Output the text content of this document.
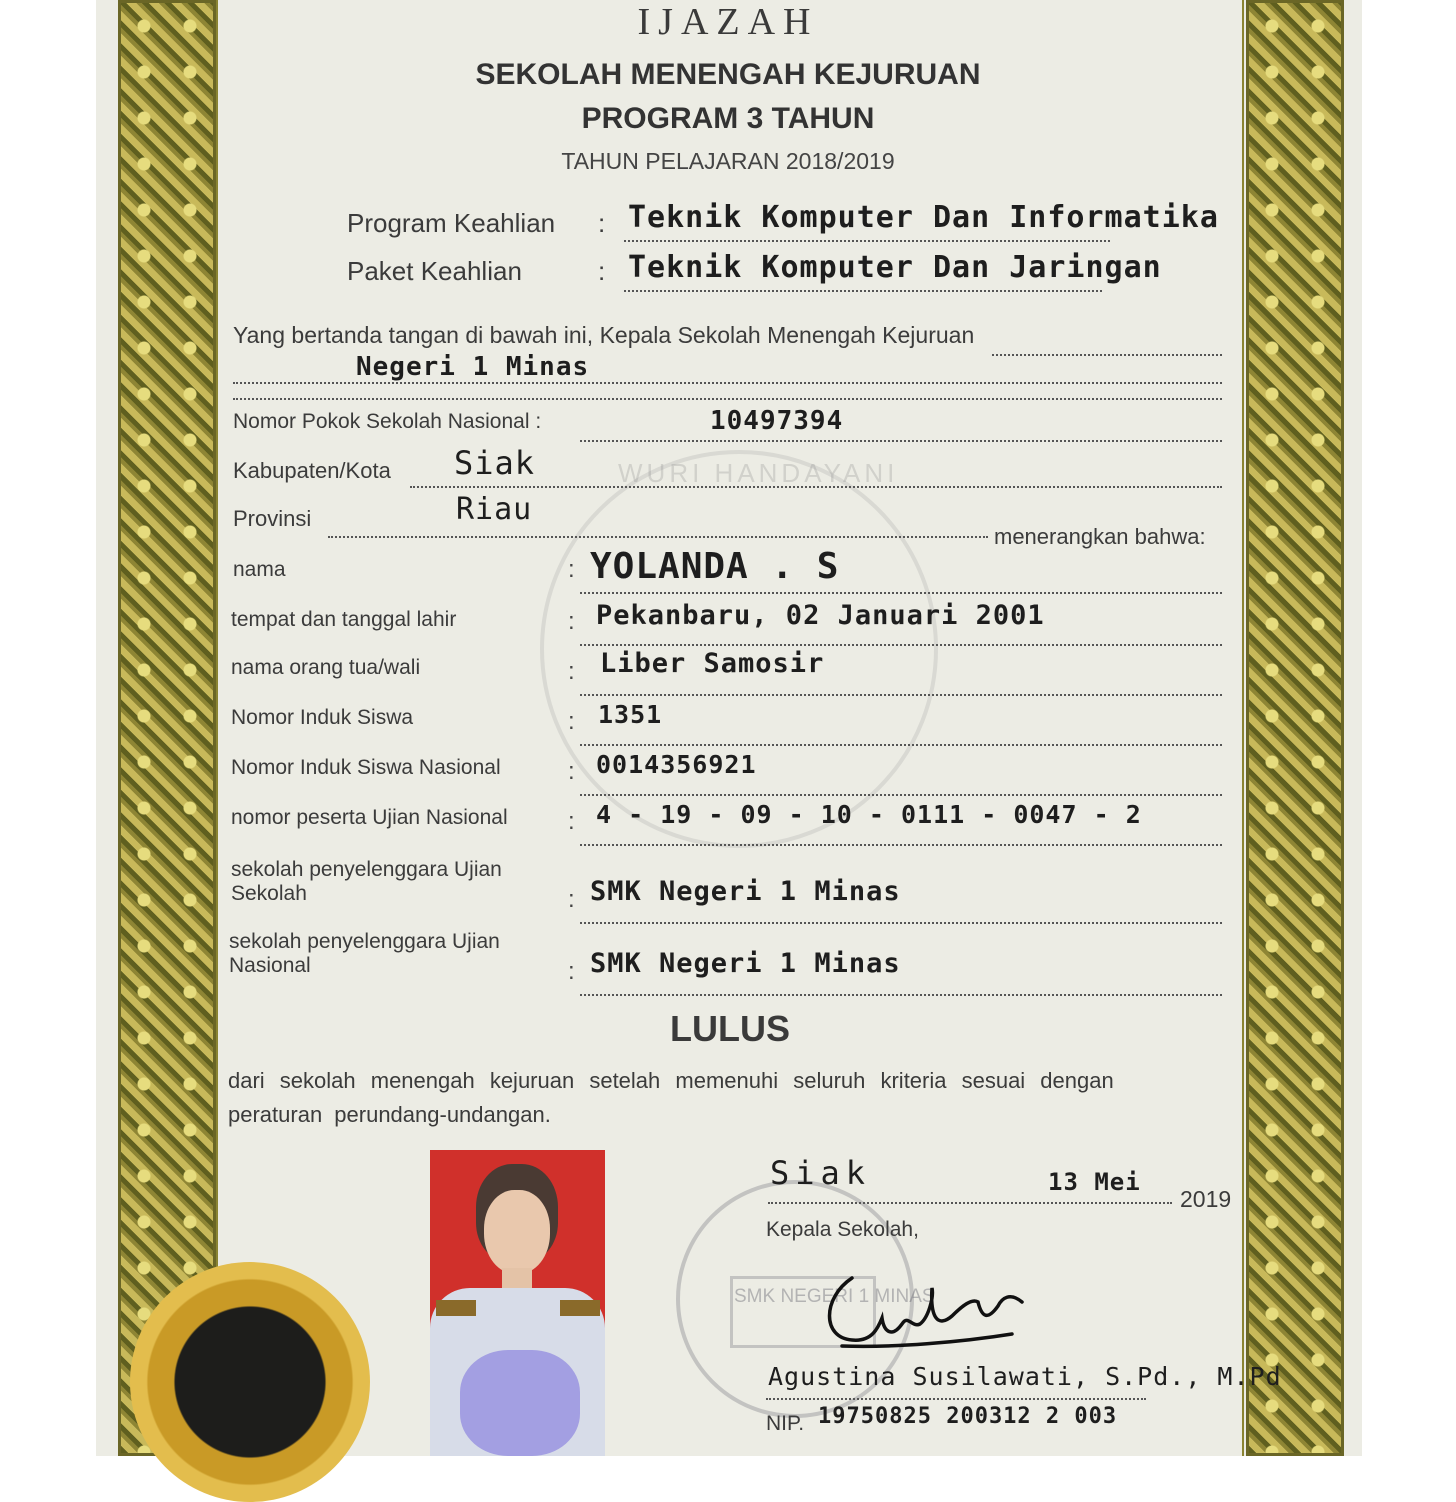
WURI HANDAYANI
IJAZAH
SEKOLAH MENENGAH KEJURUAN
PROGRAM 3 TAHUN
TAHUN PELAJARAN 2018/2019
Program Keahlian : Teknik Komputer Dan Informatika
Paket Keahlian	: Teknik Komputer Dan Jaringan
Yang bertanda tangan di bawah ini, Kepala Sekolah Menengah Kejuruan
Negeri 1 Minas
Nomor Pokok Sekolah Nasional :	10497394
Kabupaten/Kota Siak
Provinsi	Riau
menerangkan bahwa:
nama	: YOLANDA . S
tempat dan tanggal lahir	: Pekanbaru, 02 Januari 2001
nama orang tua/wali	: Liber Samosir
Nomor Induk Siswa	: 1351
Nomor Induk Siswa Nasional	: 0014356921
nomor peserta Ujian Nasional	: 4 - 19 - 09 - 10 - 0111 - 0047 - 2
sekolah penyelenggara Ujian
Sekolah	: SMK Negeri 1 Minas
sekolah penyelenggara Ujian
Nasional	: SMK Negeri 1 Minas
LULUS
dari sekolah menengah kejuruan setelah memenuhi seluruh kriteria sesuai dengan
peraturan perundang-undangan.
SMK NEGERI 1 MINAS
Siak	13 Mei
2019
Kepala Sekolah,
Agustina Susilawati, S.Pd., M.Pd
NIP. 19750825 200312 2 003
